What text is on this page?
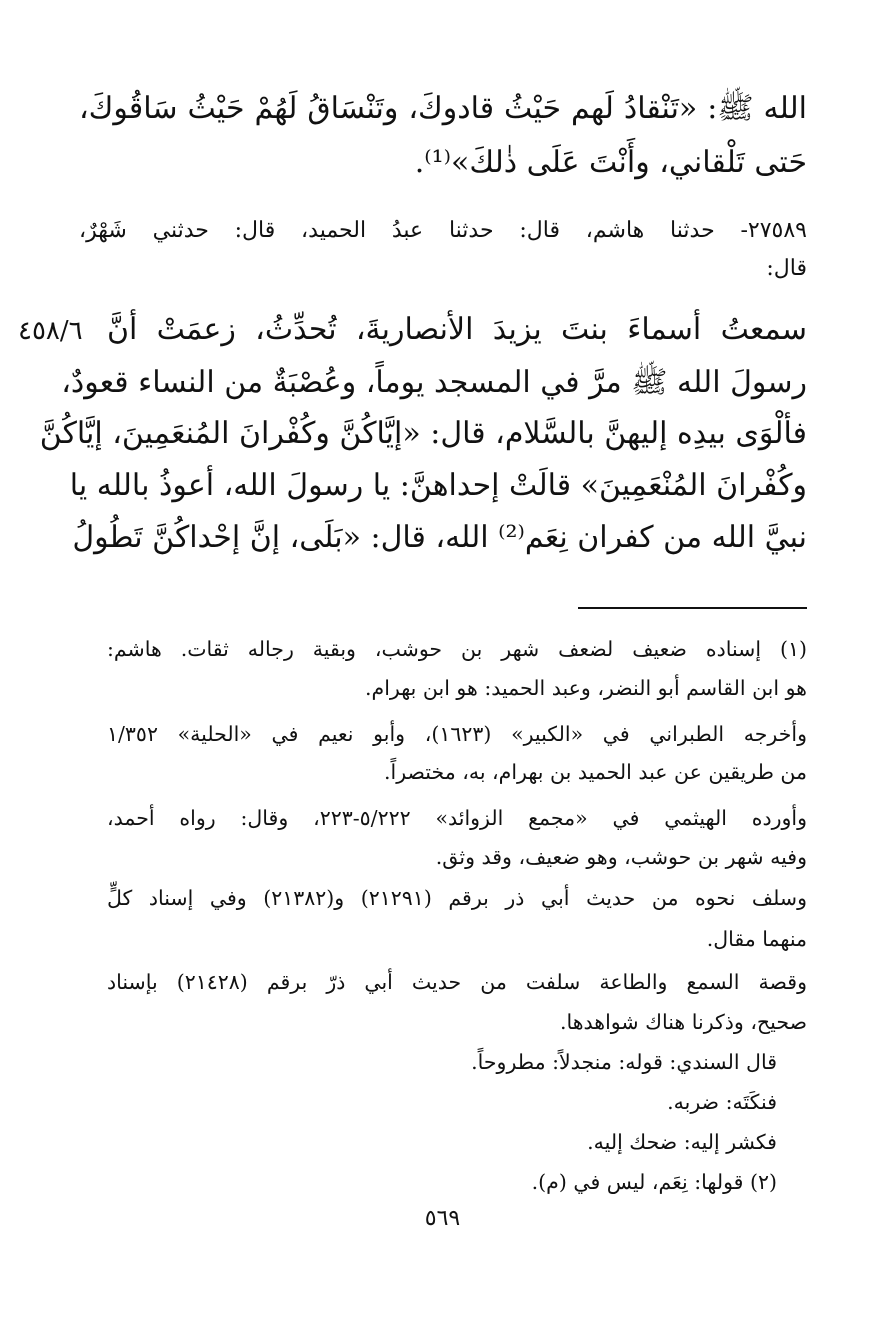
الله ﷺ: «تَنْقادُ لَهم حَيْثُ قادوكَ، وتَنْسَاقُ لَهُمْ حَيْثُ سَاقُوكَ،
حَتى تَلْقاني، وأَنْتَ عَلَى ذٰلكَ»⁽¹⁾.
٢٧٥٨٩- حدثنا هاشم، قال: حدثنا عبدُ الحميد، قال: حدثني شَهْرٌ،
قال:
٤٥٨/٦ سمعتُ أسماءَ بنتَ يزيدَ الأنصاريةَ، تُحدِّثُ، زعمَتْ أنَّ
رسولَ الله ﷺ مرَّ في المسجد يوماً، وعُصْبَةٌ من النساء قعودٌ،
فألْوَى بيدِه إليهنَّ بالسَّلام، قال: «إيَّاكُنَّ وكُفْرانَ المُنعَمِينَ، إيَّاكُنَّ
وكُفْرانَ المُنْعَمِينَ» قالَتْ إحداهنَّ: يا رسولَ الله، أعوذُ بالله يا
نبيَّ الله من كفران نِعَم⁽²⁾ الله، قال: «بَلَى، إنَّ إحْداكُنَّ تَطُولُ
(١) إسناده ضعيف لضعف شهر بن حوشب، وبقية رجاله ثقات. هاشم:
هو ابن القاسم أبو النضر، وعبد الحميد: هو ابن بهرام.
وأخرجه الطبراني في «الكبير» (١٦٢٣)، وأبو نعيم في «الحلية» ١/٣٥٢
من طريقين عن عبد الحميد بن بهرام، به، مختصراً.
وأورده الهيثمي في «مجمع الزوائد» ٥/٢٢٢-٢٢٣، وقال: رواه أحمد،
وفيه شهر بن حوشب، وهو ضعيف، وقد وثق.
وسلف نحوه من حديث أبي ذر برقم (٢١٢٩١) و(٢١٣٨٢) وفي إسناد كلٍّ
منهما مقال.
وقصة السمع والطاعة سلفت من حديث أبي ذرّ برقم (٢١٤٢٨) بإسناد
صحيح، وذكرنا هناك شواهدها.
قال السندي: قوله: منجدلاً: مطروحاً.
فنكَتَه: ضربه.
فكشر إليه: ضحك إليه.
(٢) قولها: نِعَم، ليس في (م).
٥٦٩
